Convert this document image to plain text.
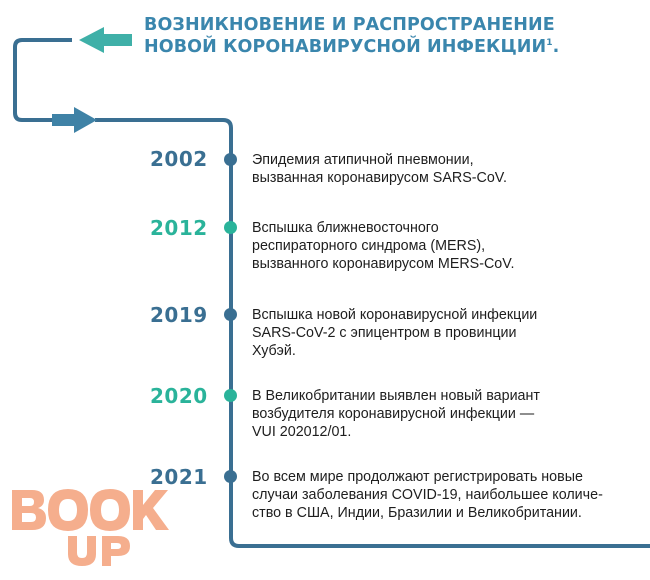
ВОЗНИКНОВЕНИЕ И РАСПРОСТРАНЕНИЕ
НОВОЙ КОРОНАВИРУСНОЙ ИНФЕКЦИИ$^1$.
2002	Эпидемия атипичной пневмонии,
вызванная коронавирусом SARS-CoV.
2012	Вспышка ближневосточного
респираторного синдрома (MERS),
вызванного коронавирусом MERS-CoV.
2019	Вспышка новой коронавирусной инфекции
SARS-CoV-2 с эпицентром в провинции
Хубэй.
2020	В Великобритании выявлен новый вариант
возбудителя коронавирусной инфекции —
VUI 202012/01.
2021	Во всем мире продолжают регистрировать новые
случаи заболевания COVID-19, наибольшее количе-
ство в США, Индии, Бразилии и Великобритании.
